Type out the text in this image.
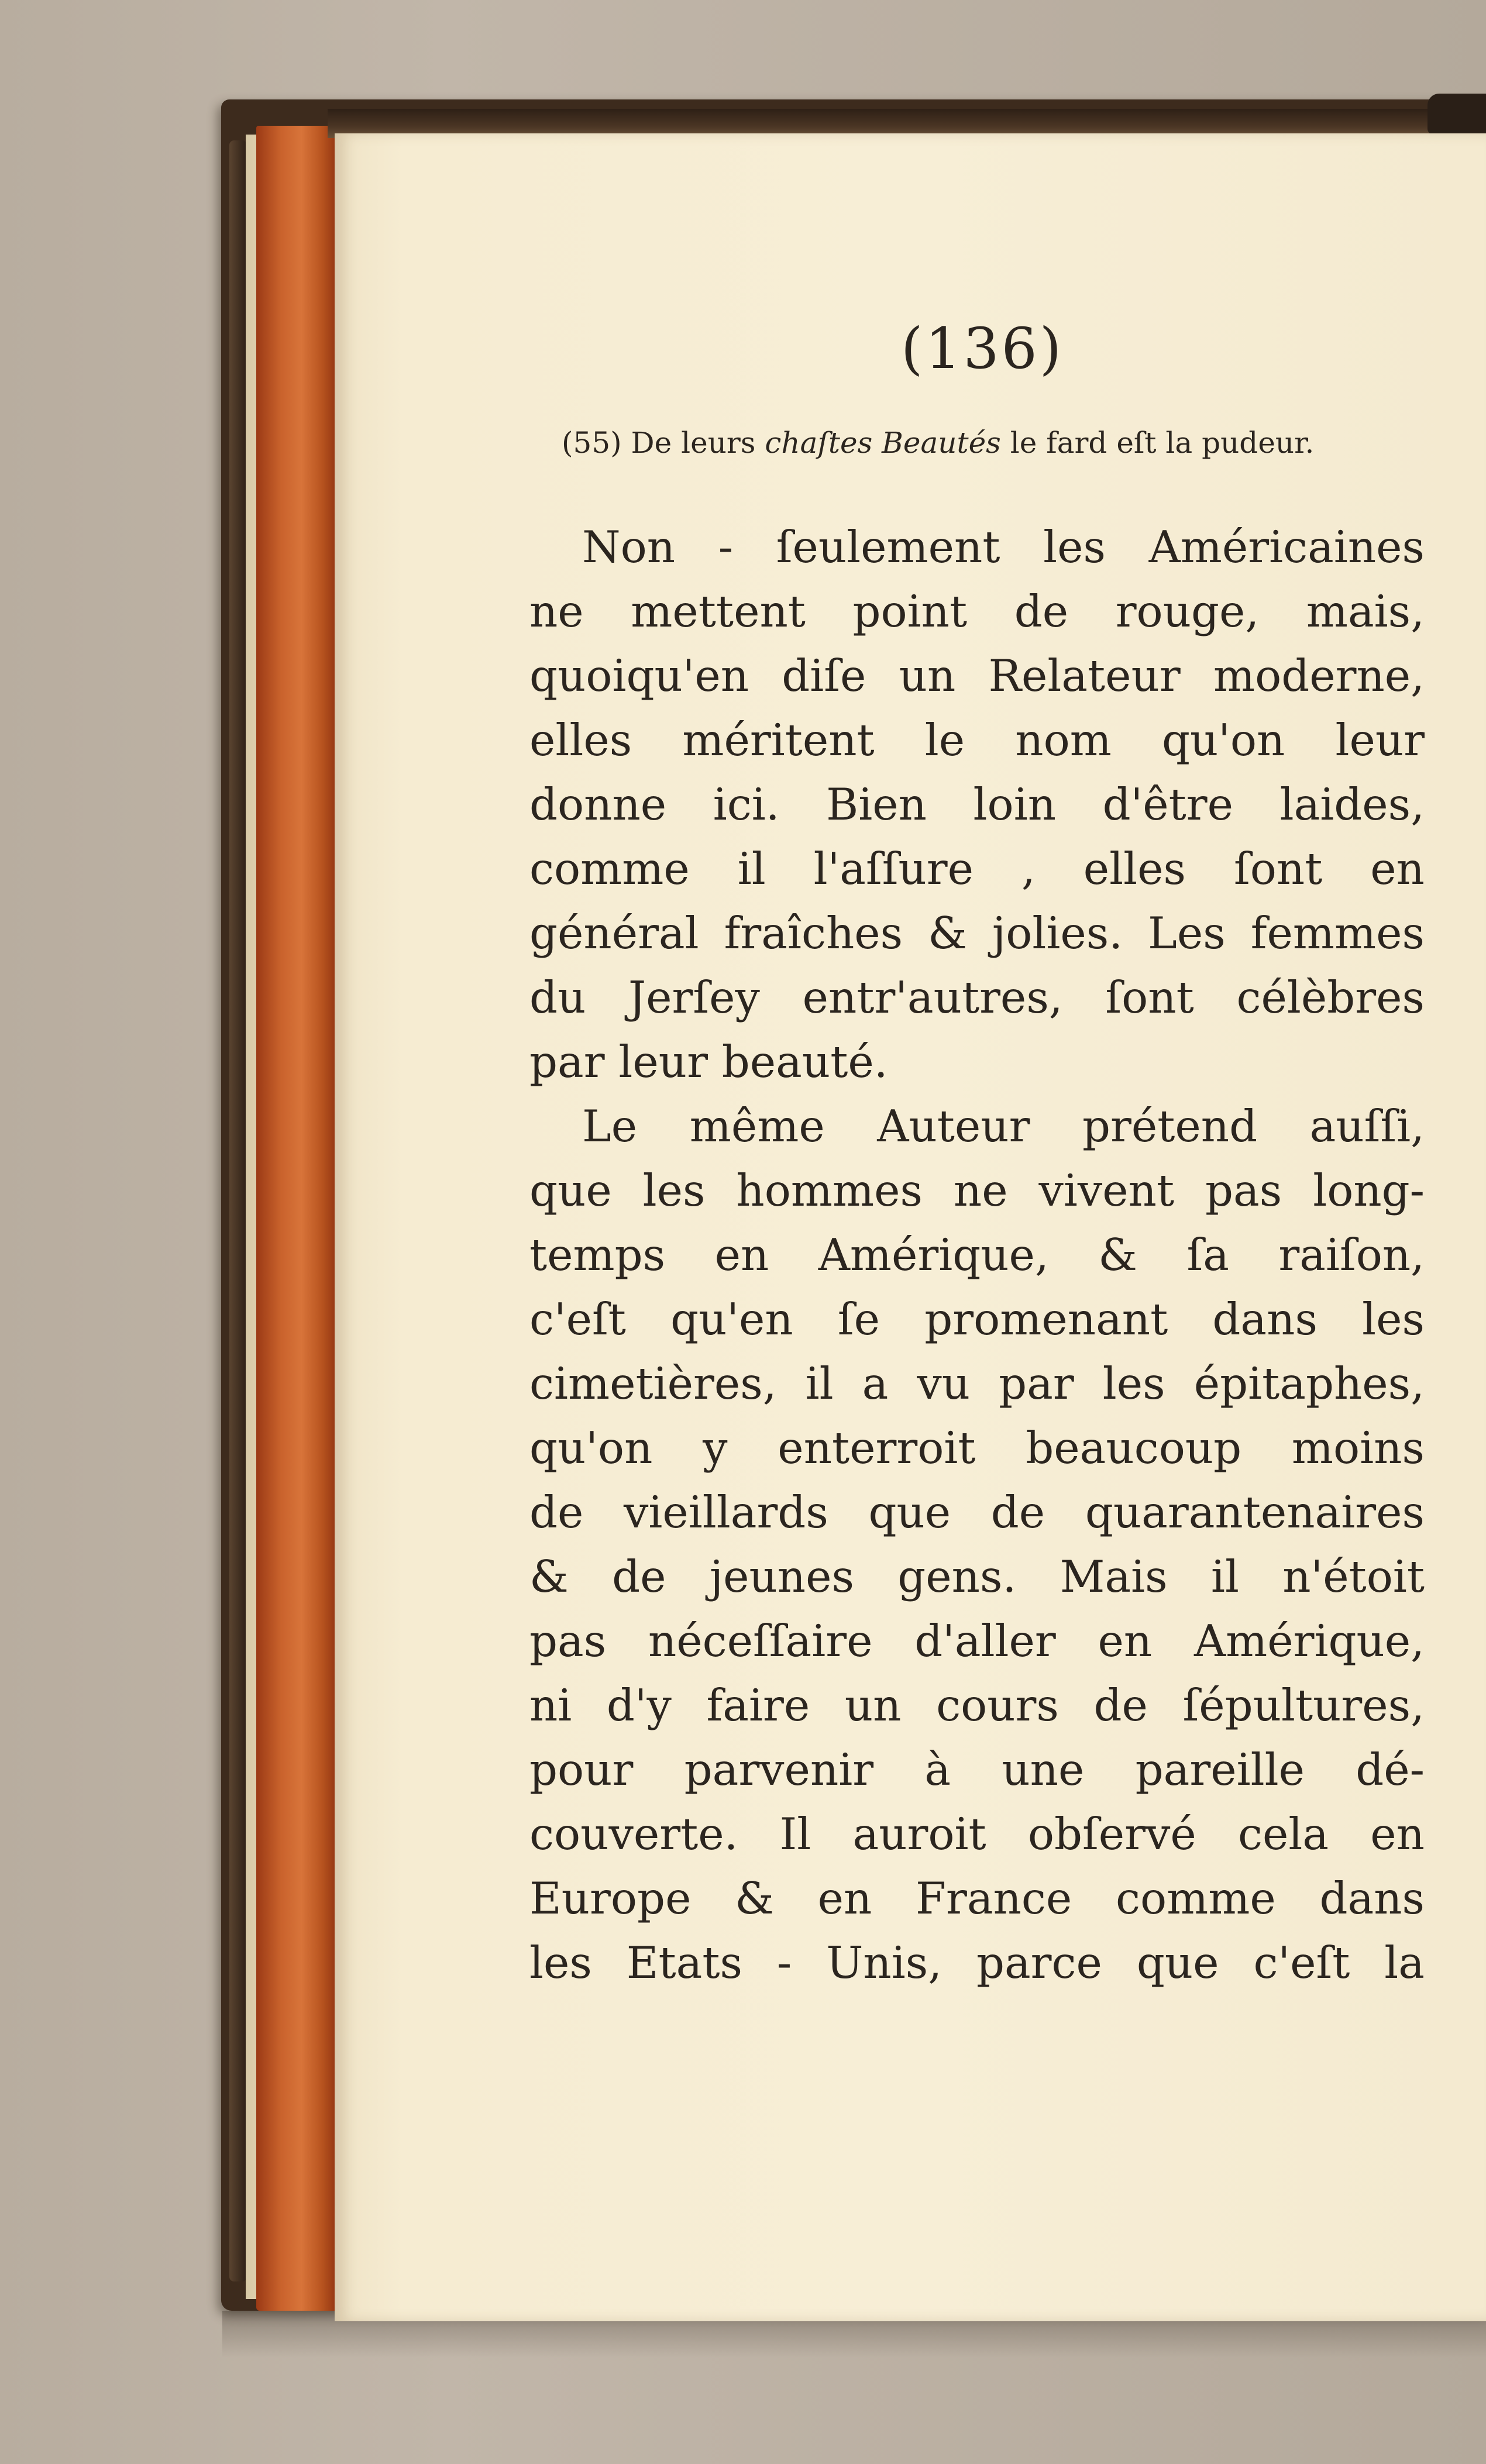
(136)
(55) De leurs chaſtes Beautés le fard eſt la pudeur.
Non - ſeulement les Américaines
ne mettent point de rouge, mais,
quoiqu'en diſe un Relateur moderne,
elles méritent le nom qu'on leur
donne ici. Bien loin d'être laides,
comme il l'aſſure , elles ſont en
général fraîches & jolies. Les femmes
du Jerſey entr'autres, ſont célèbres
par leur beauté.
Le même Auteur prétend auſſi,
que les hommes ne vivent pas long-
temps en Amérique, & ſa raiſon,
c'eſt qu'en ſe promenant dans les
cimetières, il a vu par les épitaphes,
qu'on y enterroit beaucoup moins
de vieillards que de quarantenaires
& de jeunes gens. Mais il n'étoit
pas néceſſaire d'aller en Amérique,
ni d'y faire un cours de ſépultures,
pour parvenir à une pareille dé-
couverte. Il auroit obſervé cela en
Europe & en France comme dans
les Etats - Unis, parce que c'eſt la
